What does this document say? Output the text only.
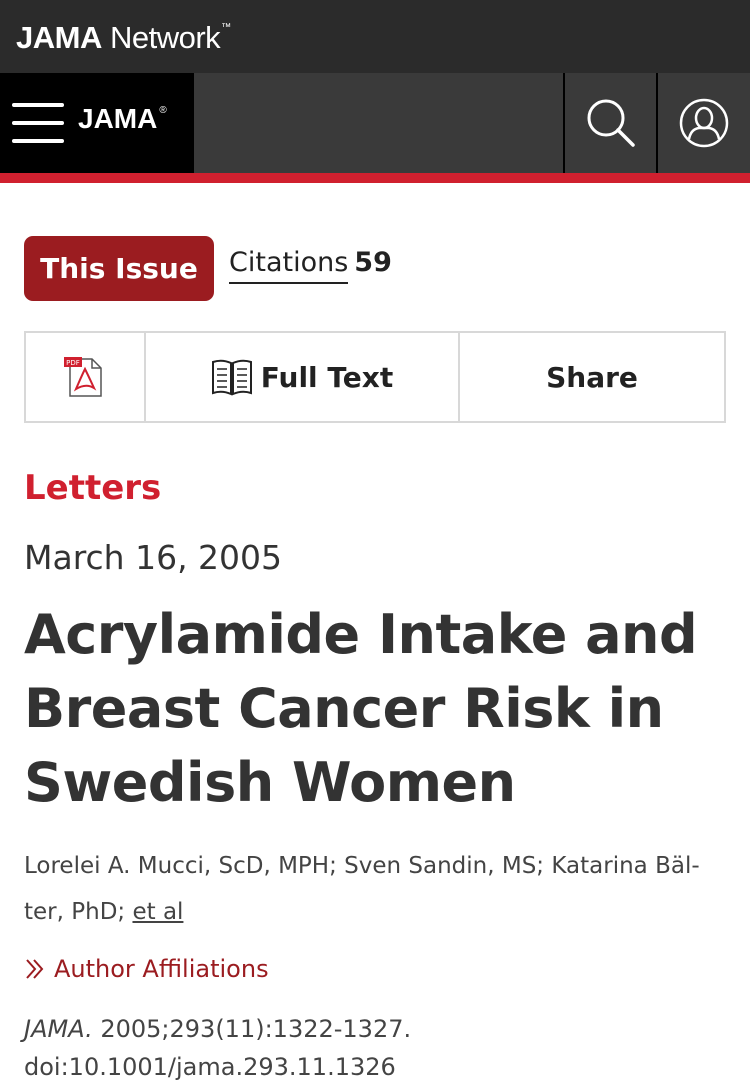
JAMA Network™
JAMA ®
This Issue	Citations 59
PDF	Full Text	Share
Letters
March 16, 2005
Acrylamide Intake and Breast Cancer Risk in Swedish Women
Lorelei A. Mucci, ScD, MPH; Sven Sandin, MS; Katarina Bäl-ter, PhD; et al
Author Affiliations
JAMA. 2005;293(11):1322-1327.
doi:10.1001/jama.293.11.1326
